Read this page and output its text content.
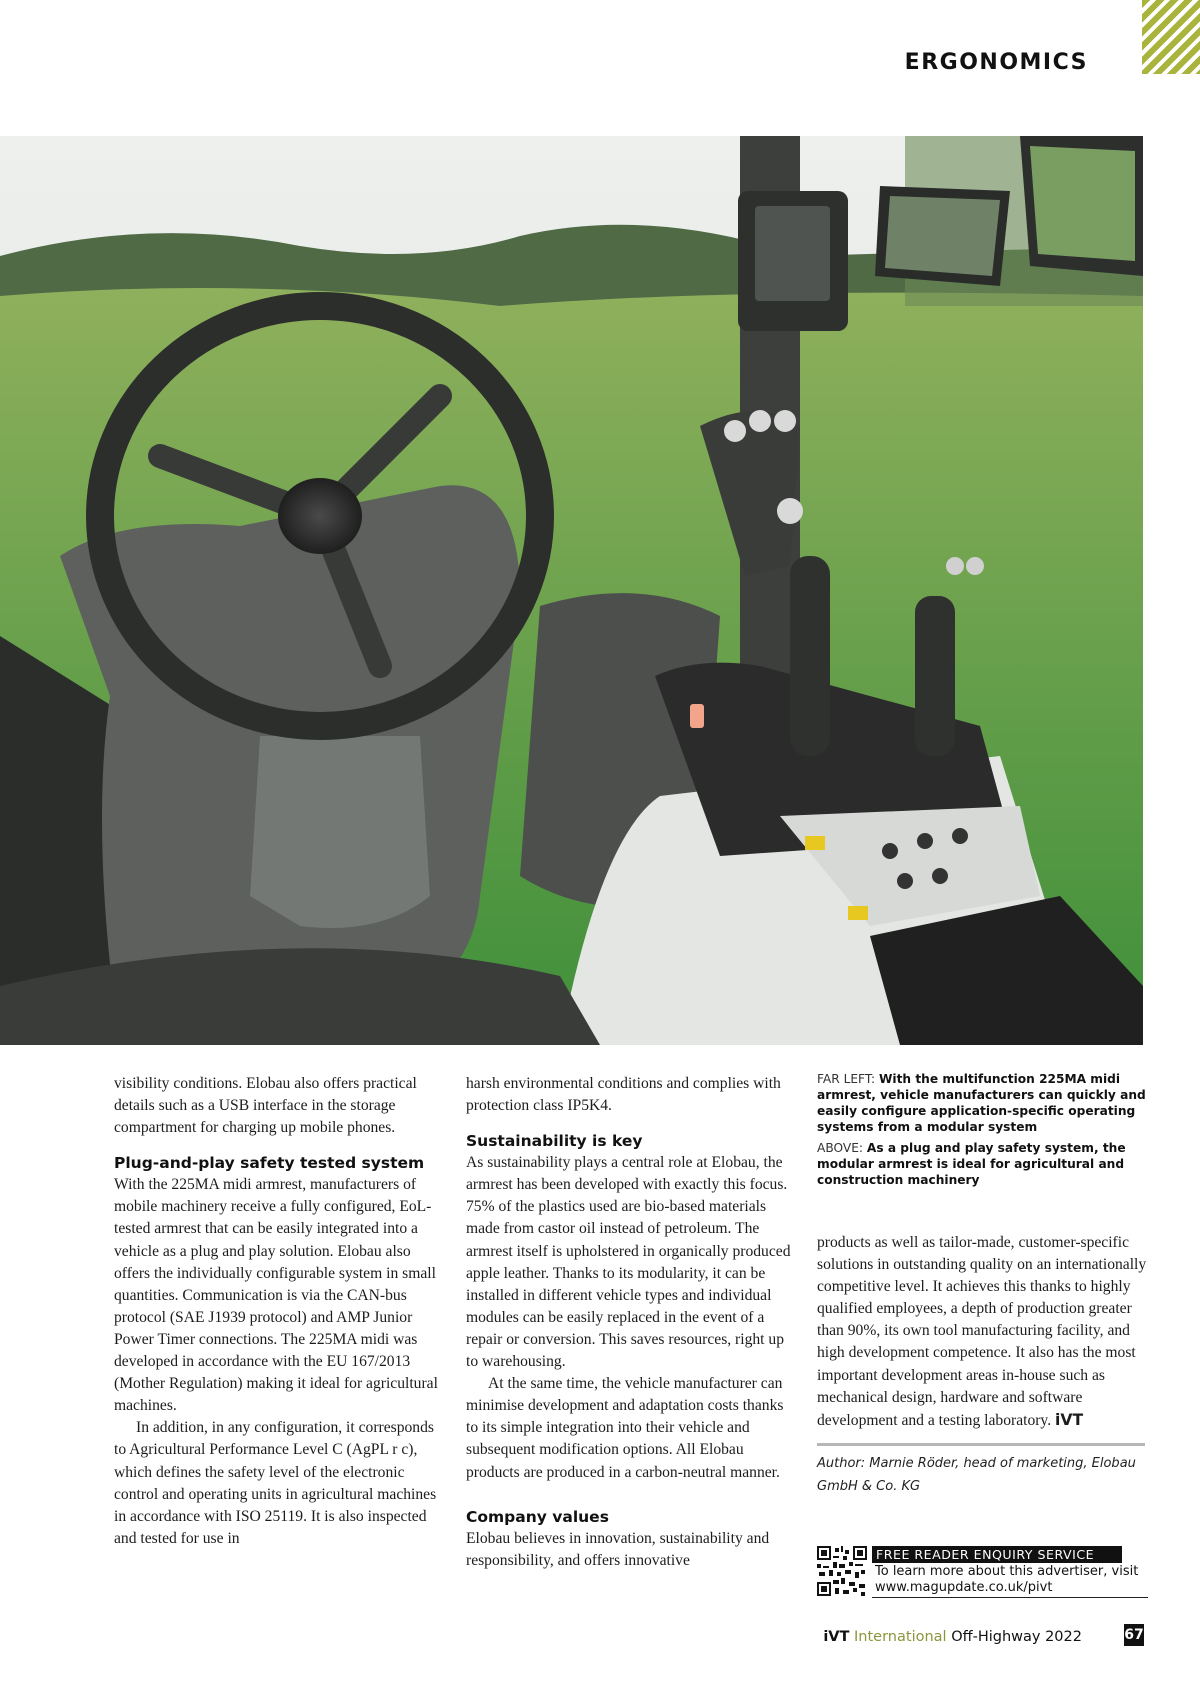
ERGONOMICS

visibility conditions. Elobau also offers practical details such as a USB interface in the storage compartment for charging up mobile phones.

Plug-and-play safety tested system

With the 225MA midi armrest, manufacturers of mobile machinery receive a fully configured, EoL-tested armrest that can be easily integrated into a vehicle as a plug and play solution. Elobau also offers the individually configurable system in small quantities. Communication is via the CAN-bus protocol (SAE J1939 protocol) and AMP Junior Power Timer connections. The 225MA midi was developed in accordance with the EU 167/2013 (Mother Regulation) making it ideal for agricultural machines.

In addition, in any configuration, it corresponds to Agricultural Performance Level C (AgPL r c), which defines the safety level of the electronic control and operating units in agricultural machines in accordance with ISO 25119. It is also inspected and tested for use in

harsh environmental conditions and complies with protection class IP5K4.

Sustainability is key

As sustainability plays a central role at Elobau, the armrest has been developed with exactly this focus. 75% of the plastics used are bio-based materials made from castor oil instead of petroleum. The armrest itself is upholstered in organically produced apple leather. Thanks to its modularity, it can be installed in different vehicle types and individual modules can be easily replaced in the event of a repair or conversion. This saves resources, right up to warehousing.

At the same time, the vehicle manufacturer can minimise development and adaptation costs thanks to its simple integration into their vehicle and subsequent modification options. All Elobau products are produced in a carbon-neutral manner.

Company values

Elobau believes in innovation, sustainability and responsibility, and offers innovative

FAR LEFT: With the multifunction 225MA midi armrest, vehicle manufacturers can quickly and easily configure application-specific operating systems from a modular system
ABOVE: As a plug and play safety system, the modular armrest is ideal for agricultural and construction machinery

products as well as tailor-made, customer-specific solutions in outstanding quality on an internationally competitive level. It achieves this thanks to highly qualified employees, a depth of production greater than 90%, its own tool manufacturing facility, and high development competence. It also has the most important development areas in-house such as mechanical design, hardware and software development and a testing laboratory. iVT

Author: Marnie Röder, head of marketing, Elobau GmbH & Co. KG
FREE READER ENQUIRY SERVICE
To learn more about this advertiser, visit
www.magupdate.co.uk/pivt
iVT International Off-Highway 2022	67
